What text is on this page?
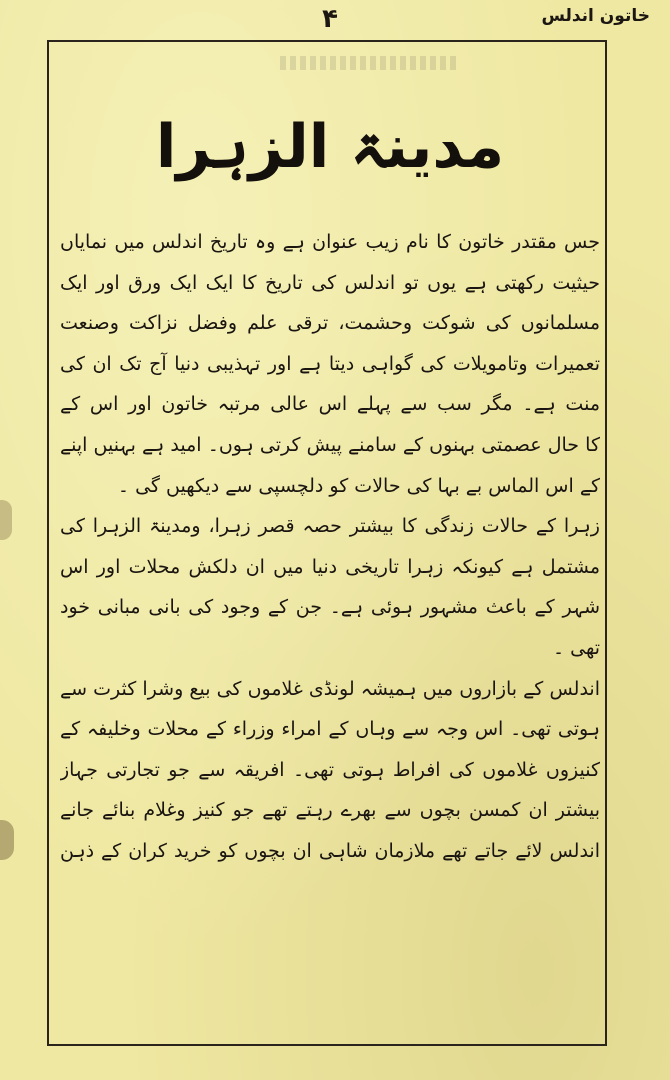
خاتون اندلس
۴
مدینۃ الزہرا
جس مقتدر خاتون کا نام زیب عنوان ہے وہ تاریخ اندلس میں نمایاں
حیثیت رکھتی ہے یوں تو اندلس کی تاریخ کا ایک ایک ورق اور ایک
مسلمانوں کی شوکت وحشمت، ترقی علم وفضل نزاکت وصنعت
تعمیرات وتامویلات کی گواہی دیتا ہے اور تہذیبی دنیا آج تک ان کی
منت ہے۔ مگر سب سے پہلے اس عالی مرتبہ خاتون اور اس کے
کا حال عصمتی بہنوں کے سامنے پیش کرتی ہوں۔ امید ہے بہنیں اپنے
کے اس الماس بے بہا کی حالات کو دلچسپی سے دیکھیں گی ۔
زہرا کے حالات زندگی کا بیشتر حصہ قصر زہرا، ومدینۃ الزہرا کی
مشتمل ہے کیونکہ زہرا تاریخی دنیا میں ان دلکش محلات اور اس
شہر کے باعث مشہور ہوئی ہے۔ جن کے وجود کی بانی مبانی خود
تھی ۔
اندلس کے بازاروں میں ہمیشہ لونڈی غلاموں کی بیع وشرا کثرت سے
ہوتی تھی۔ اس وجہ سے وہاں کے امراء وزراء کے محلات وخلیفہ کے
کنیزوں غلاموں کی افراط ہوتی تھی۔ افریقہ سے جو تجارتی جہاز
بیشتر ان کمسن بچوں سے بھرے رہتے تھے جو کنیز وغلام بنائے جانے
اندلس لائے جاتے تھے ملازمان شاہی ان بچوں کو خرید کران کے ذہن
